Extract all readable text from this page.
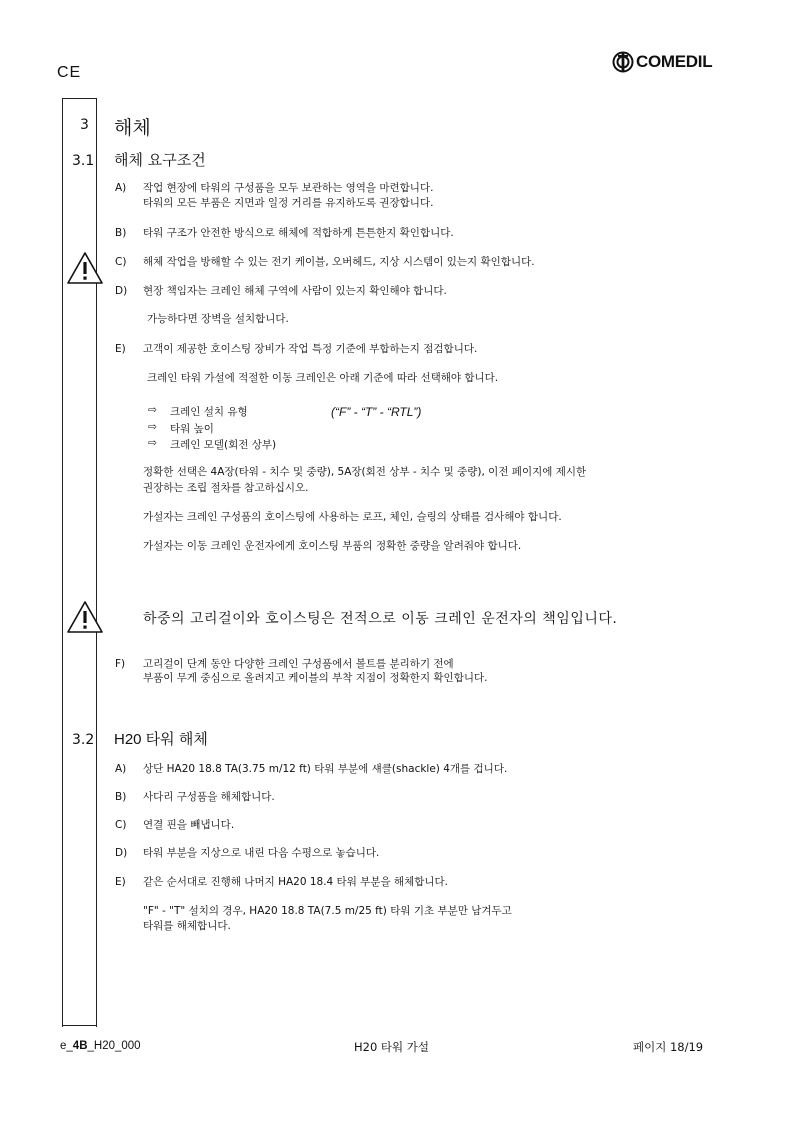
CE
COMEDIL
3 해체
3.1 해체 요구조건
A)	작업 현장에 타워의 구성품을 모두 보관하는 영역을 마련합니다.
타워의 모든 부품은 지면과 일정 거리를 유지하도록 권장합니다.
B)	타워 구조가 안전한 방식으로 해체에 적합하게 튼튼한지 확인합니다.
C)	해체 작업을 방해할 수 있는 전기 케이블, 오버헤드, 지상 시스템이 있는지 확인합니다.
D)	현장 책임자는 크레인 해체 구역에 사람이 있는지 확인해야 합니다.
가능하다면 장벽을 설치합니다.
E)	고객이 제공한 호이스팅 장비가 작업 특정 기준에 부합하는지 점검합니다.
크레인 타워 가설에 적절한 이동 크레인은 아래 기준에 따라 선택해야 합니다.
⇨ 크레인 설치 유형	(“F” - “T” - “RTL”)
⇨ 타워 높이
⇨ 크레인 모델(회전 상부)
정확한 선택은 4A장(타워 - 치수 및 중량), 5A장(회전 상부 - 치수 및 중량), 이전 페이지에 제시한
권장하는 조립 절차를 참고하십시오.
가설자는 크레인 구성품의 호이스팅에 사용하는 로프, 체인, 슬링의 상태를 검사해야 합니다.
가설자는 이동 크레인 운전자에게 호이스팅 부품의 정확한 중량을 알려줘야 합니다.
하중의 고리걸이와 호이스팅은 전적으로 이동 크레인 운전자의 책임입니다.
F)	고리걸이 단계 동안 다양한 크레인 구성품에서 볼트를 분리하기 전에
부품이 무게 중심으로 올려지고 케이블의 부착 지점이 정확한지 확인합니다.
3.2 H20 타워 해체
A)	상단 HA20 18.8 TA(3.75 m/12 ft) 타워 부분에 섀클(shackle) 4개를 겁니다.
B)	사다리 구성품을 해체합니다.
C)	연결 핀을 빼냅니다.
D)	타워 부분을 지상으로 내린 다음 수평으로 놓습니다.
E)	같은 순서대로 진행해 나머지 HA20 18.4 타워 부분을 해체합니다.
"F" - "T" 설치의 경우, HA20 18.8 TA(7.5 m/25 ft) 타워 기초 부분만 남겨두고
타워를 해체합니다.
e_4B_H20_000	H20 타워 가설	페이지 18/19
